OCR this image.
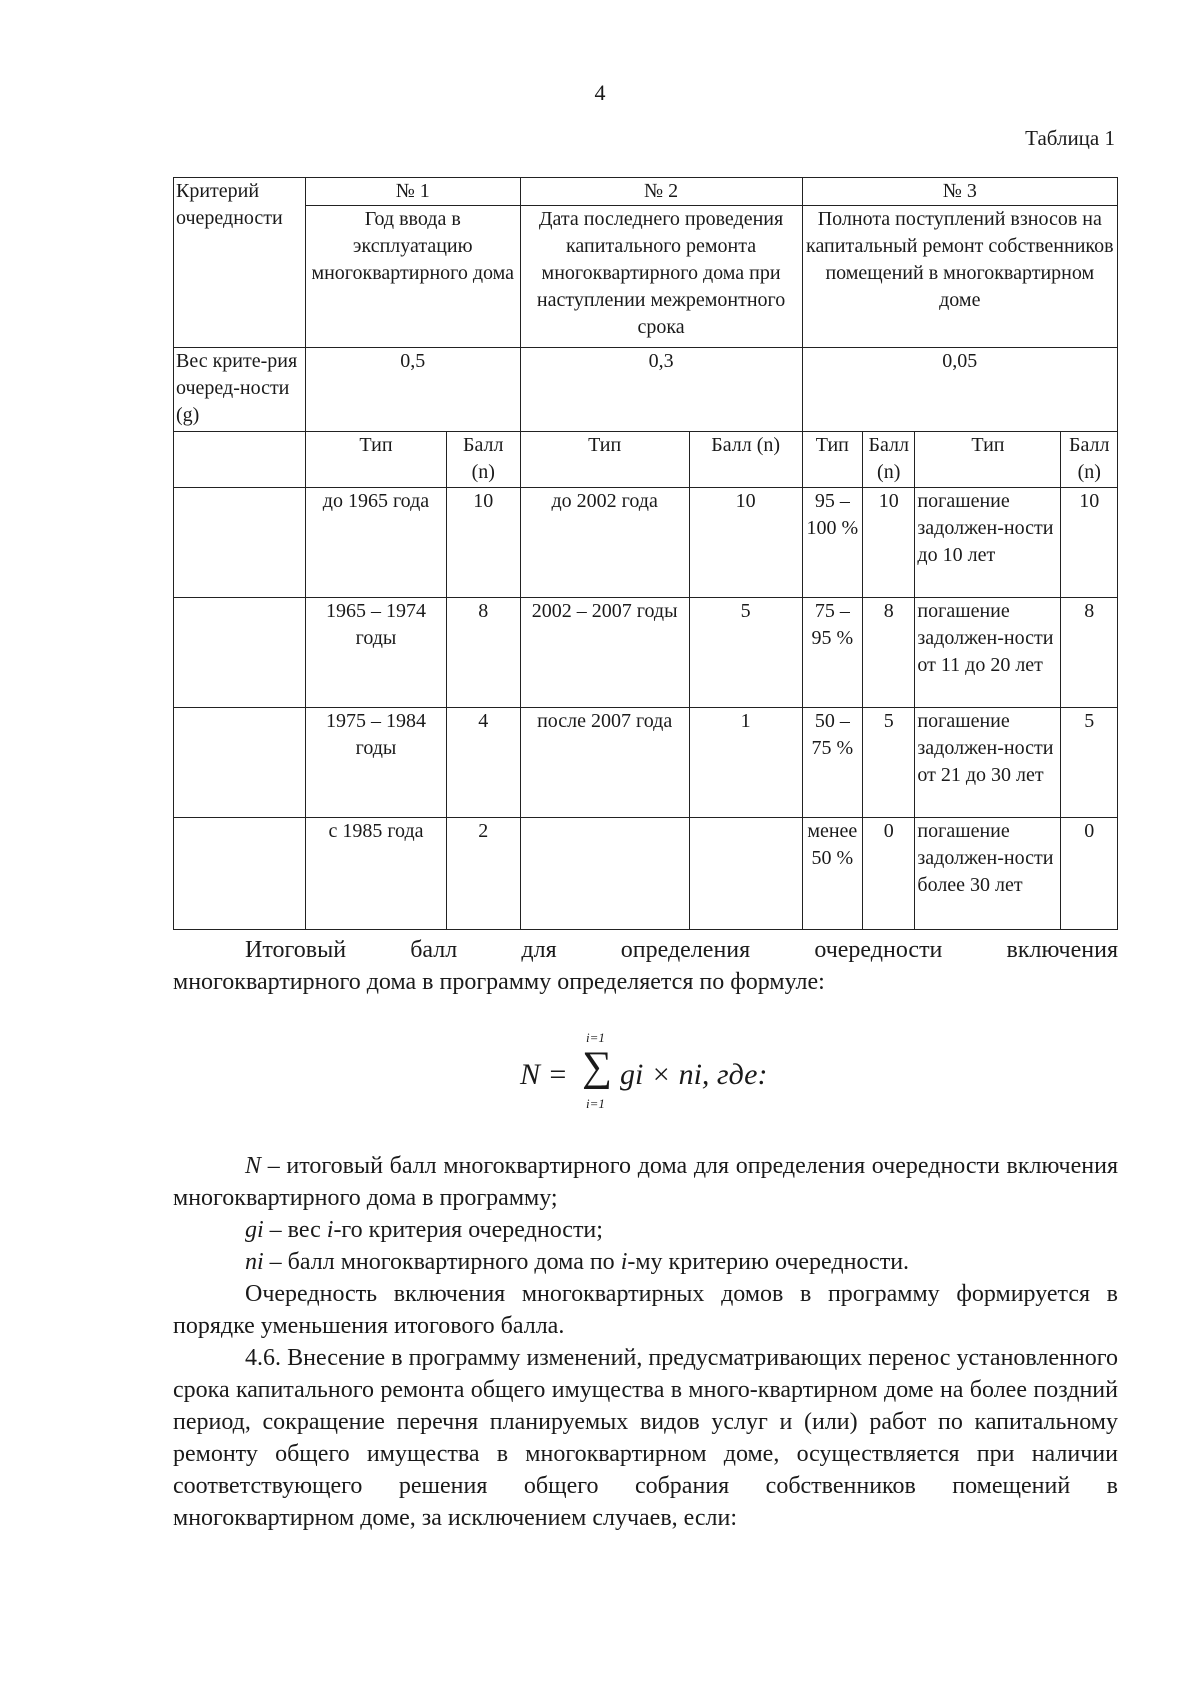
4
Таблица 1
Критерий очередности	№ 1		№ 2		№ 3			
	Год ввода в эксплуатацию многоквартирного дома		Дата последнего проведения капитального ремонта многоквартирного дома при наступлении межремонтного срока		Полнота поступлений взносов на капитальный ремонт собственников помещений в многоквартирном доме			
Вес крите-рия очеред-ности (g)	0,5		0,3		0,05			
	Тип	Балл (n)	Тип	Балл (n)	Тип	Балл (n)	Тип	Балл (n)
	до 1965 года	10	до 2002 года	10	95 – 100 %	10	погашение задолжен-ности до 10 лет	10
	1965 – 1974 годы	8	2002 – 2007 годы	5	75 – 95 %	8	погашение задолжен-ности от 11 до 20 лет	8
	1975 – 1984 годы	4	после 2007 года	1	50 – 75 %	5	погашение задолжен-ности от 21 до 30 лет	5
	с 1985 года	2			менее 50 %	0	погашение задолжен-ности более 30 лет	0
Итоговый балл для определения очередности включения
многоквартирного дома в программу определяется по формуле:
N =
i=1
∑
i=1
gi × ni, где:
N – итоговый балл многоквартирного дома для определения очередности включения многоквартирного дома в программу;
gi – вес i-го критерия очередности;
ni – балл многоквартирного дома по i-му критерию очередности.
Очередность включения многоквартирных домов в программу формируется в порядке уменьшения итогового балла.
4.6. Внесение в программу изменений, предусматривающих перенос установленного срока капитального ремонта общего имущества в много-квартирном доме на более поздний период, сокращение перечня планируемых видов услуг и (или) работ по капитальному ремонту общего имущества в многоквартирном доме, осуществляется при наличии соответствующего решения общего собрания собственников помещений в многоквартирном доме, за исключением случаев, если:
